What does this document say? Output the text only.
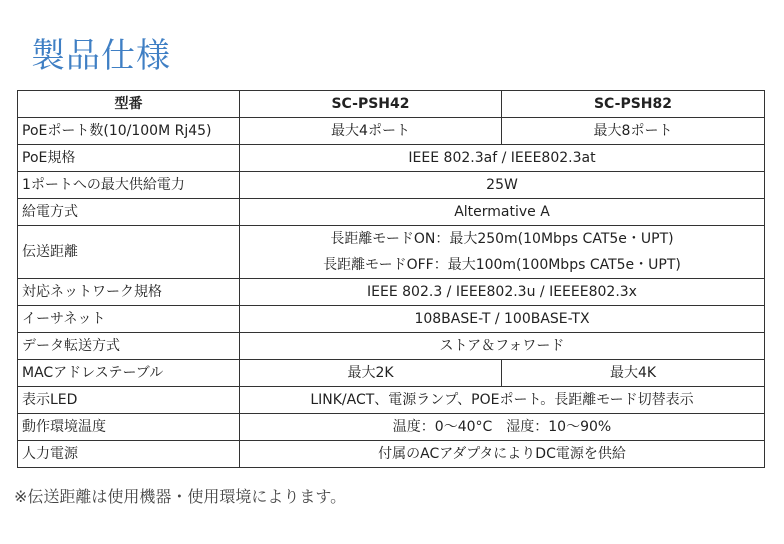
製品仕様
型番	SC-PSH42	SC-PSH82
PoEポート数(10/100M Rj45)	最大4ポート	最大8ポート
PoE規格	IEEE 802.3af / IEEE802.3at	
1ポートへの最大供給電力	25W	
給電方式	Altermative A	
伝送距離	長距離モードON：最大250m(10Mbps CAT5e・UPT)
長距離モードOFF：最大100m(100Mbps CAT5e・UPT)	

対応ネットワーク規格	IEEE 802.3 / IEEE802.3u / IEEEE802.3x	
イーサネット	108BASE-T / 100BASE-TX	
データ転送方式	ストア＆フォワード	
MACアドレステーブル	最大2K	最大4K
表示LED	LINK/ACT、電源ランプ、POEポート。長距離モード切替表示	
動作環境温度	温度：0～40°C　湿度：10～90%	
人力電源	付属のACアダプタによりDC電源を供給	
※伝送距離は使用機器・使用環境によります。
